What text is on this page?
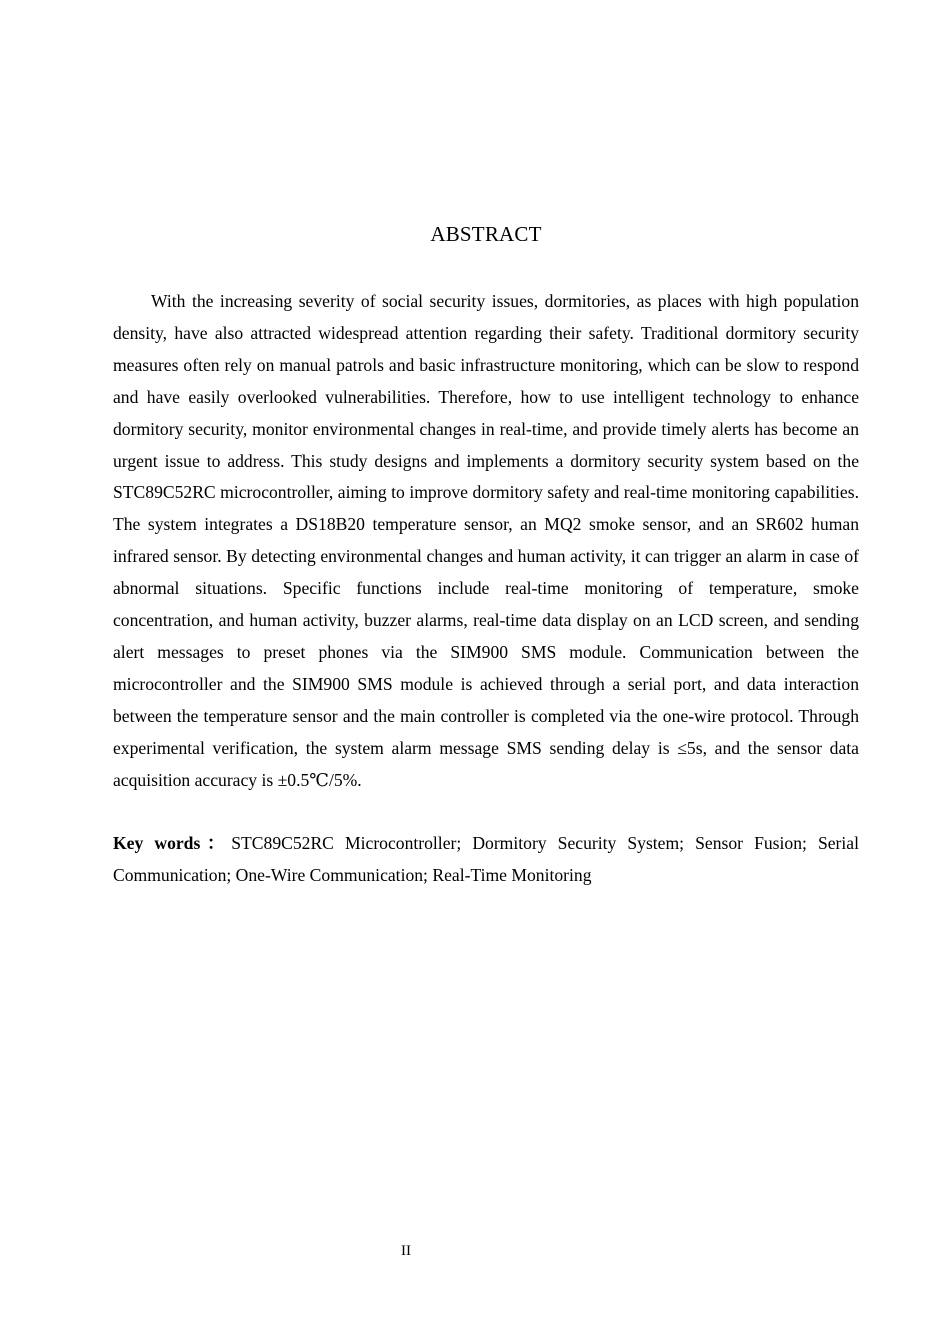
ABSTRACT

With the increasing severity of social security issues, dormitories, as places with high population density, have also attracted widespread attention regarding their safety. Traditional dormitory security measures often rely on manual patrols and basic infrastructure monitoring, which can be slow to respond and have easily overlooked vulnerabilities. Therefore, how to use intelligent technology to enhance dormitory security, monitor environmental changes in real-time, and provide timely alerts has become an urgent issue to address. This study designs and implements a dormitory security system based on the STC89C52RC microcontroller, aiming to improve dormitory safety and real-time monitoring capabilities. The system integrates a DS18B20 temperature sensor, an MQ2 smoke sensor, and an SR602 human infrared sensor. By detecting environmental changes and human activity, it can trigger an alarm in case of abnormal situations. Specific functions include real-time monitoring of temperature, smoke concentration, and human activity, buzzer alarms, real-time data display on an LCD screen, and sending alert messages to preset phones via the SIM900 SMS module. Communication between the microcontroller and the SIM900 SMS module is achieved through a serial port, and data interaction between the temperature sensor and the main controller is completed via the one-wire protocol. Through experimental verification, the system alarm message SMS sending delay is ≤5s, and the sensor data acquisition accuracy is ±0.5℃/5%.

Key words：STC89C52RC Microcontroller; Dormitory Security System; Sensor Fusion; Serial Communication; One-Wire Communication; Real-Time Monitoring

II
